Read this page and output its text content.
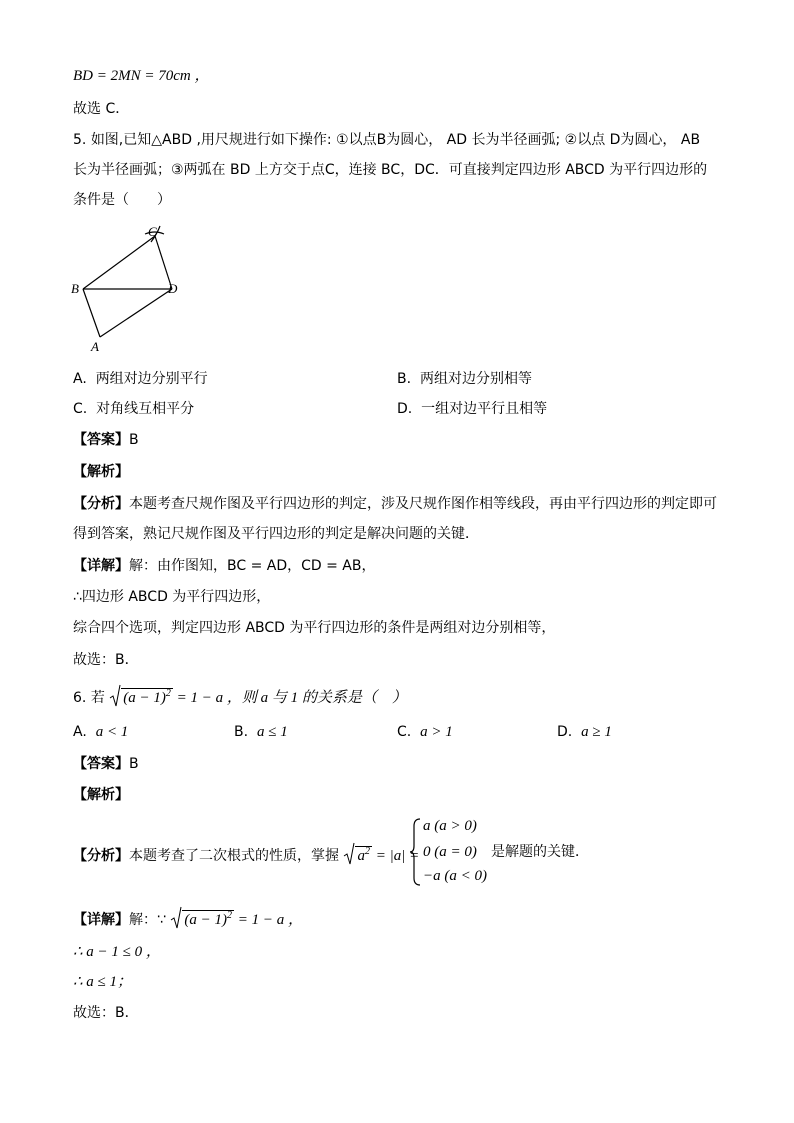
BD = 2MN = 70cm ，
故选 C．
5. 如图,已知△ABD ,用尺规进行如下操作: ①以点B为圆心， AD 长为半径画弧; ②以点 D为圆心， AB
长为半径画弧；③两弧在 BD 上方交于点C，连接 BC，DC．可直接判定四边形 ABCD 为平行四边形的
条件是（　　）
C
B	D
A
A. 两组对边分别平行	B. 两组对边分别相等
C. 对角线互相平分	D. 一组对边平行且相等
【答案】B
【解析】
【分析】本题考查尺规作图及平行四边形的判定，涉及尺规作图作相等线段，再由平行四边形的判定即可
得到答案，熟记尺规作图及平行四边形的判定是解决问题的关键．
【详解】解：由作图知，BC = AD，CD = AB，
∴四边形 ABCD 为平行四边形，
综合四个选项，判定四边形 ABCD 为平行四边形的条件是两组对边分别相等，
故选：B．
6. 若 $(a - 1)^2 = 1 - a$ ，则 a 与 1 的关系是（　）
A. a < 1	B. a ≤ 1	C. a > 1	D. a ≥ 1
【答案】B
【解析】
【分析】本题考查了二次根式的性质，掌握 $a^2 = |a|$ =
a (a > 0)
0 (a = 0)
−a (a < 0)
是解题的关键．
【详解】解：∵ $(a - 1)^2 = 1 - a$ ，
∴ a − 1 ≤ 0 ，
∴ a ≤ 1；
故选：B．
